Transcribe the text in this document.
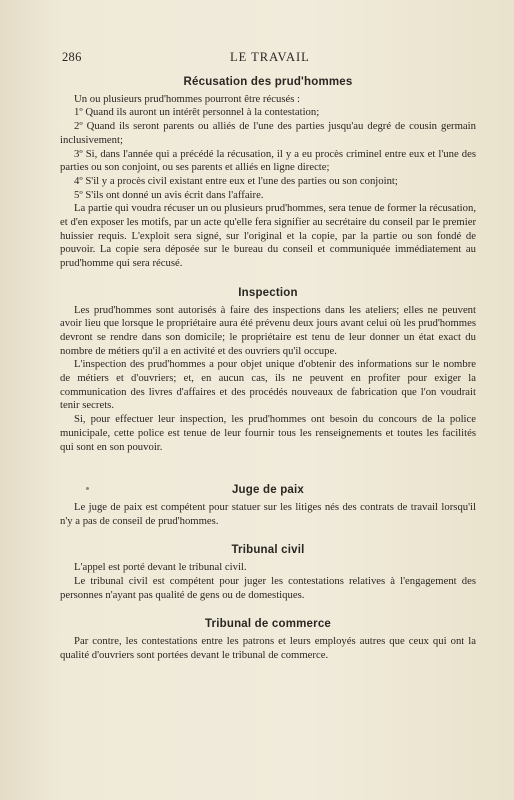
286	LE TRAVAIL
Récusation des prud'hommes

Un ou plusieurs prud'hommes pourront être récusés :

1º Quand ils auront un intérêt personnel à la contestation;

2º Quand ils seront parents ou alliés de l'une des parties jusqu'au degré de cousin germain inclusivement;

3º Si, dans l'année qui a précédé la récusation, il y a eu procès criminel entre eux et l'une des parties ou son conjoint, ou ses parents et alliés en ligne directe;

4º S'il y a procès civil existant entre eux et l'une des parties ou son conjoint;

5º S'ils ont donné un avis écrit dans l'affaire.

La partie qui voudra récuser un ou plusieurs prud'hommes, sera tenue de former la récusation, et d'en exposer les motifs, par un acte qu'elle fera signifier au secrétaire du conseil par le premier huissier requis. L'exploit sera signé, sur l'original et la copie, par la partie ou son fondé de pouvoir. La copie sera déposée sur le bureau du conseil et communiquée immédiatement au prud'homme qui sera récusé.

Inspection

Les prud'hommes sont autorisés à faire des inspections dans les ateliers; elles ne peuvent avoir lieu que lorsque le propriétaire aura été prévenu deux jours avant celui où les prud'hommes devront se rendre dans son domicile; le propriétaire est tenu de leur donner un état exact du nombre de métiers qu'il a en activité et des ouvriers qu'il occupe.

L'inspection des prud'hommes a pour objet unique d'obtenir des informations sur le nombre de métiers et d'ouvriers; et, en aucun cas, ils ne peuvent en profiter pour exiger la communication des livres d'affaires et des procédés nouveaux de fabrication que l'on voudrait tenir secrets.

Si, pour effectuer leur inspection, les prud'hommes ont besoin du concours de la police municipale, cette police est tenue de leur fournir tous les renseignements et toutes les facilités qui sont en son pouvoir.

Juge de paix

Le juge de paix est compétent pour statuer sur les litiges nés des contrats de travail lorsqu'il n'y a pas de conseil de prud'hommes.

Tribunal civil

L'appel est porté devant le tribunal civil.

Le tribunal civil est compétent pour juger les contestations relatives à l'engagement des personnes n'ayant pas qualité de gens ou de domestiques.

Tribunal de commerce

Par contre, les contestations entre les patrons et leurs employés autres que ceux qui ont la qualité d'ouvriers sont portées devant le tribunal de commerce.
